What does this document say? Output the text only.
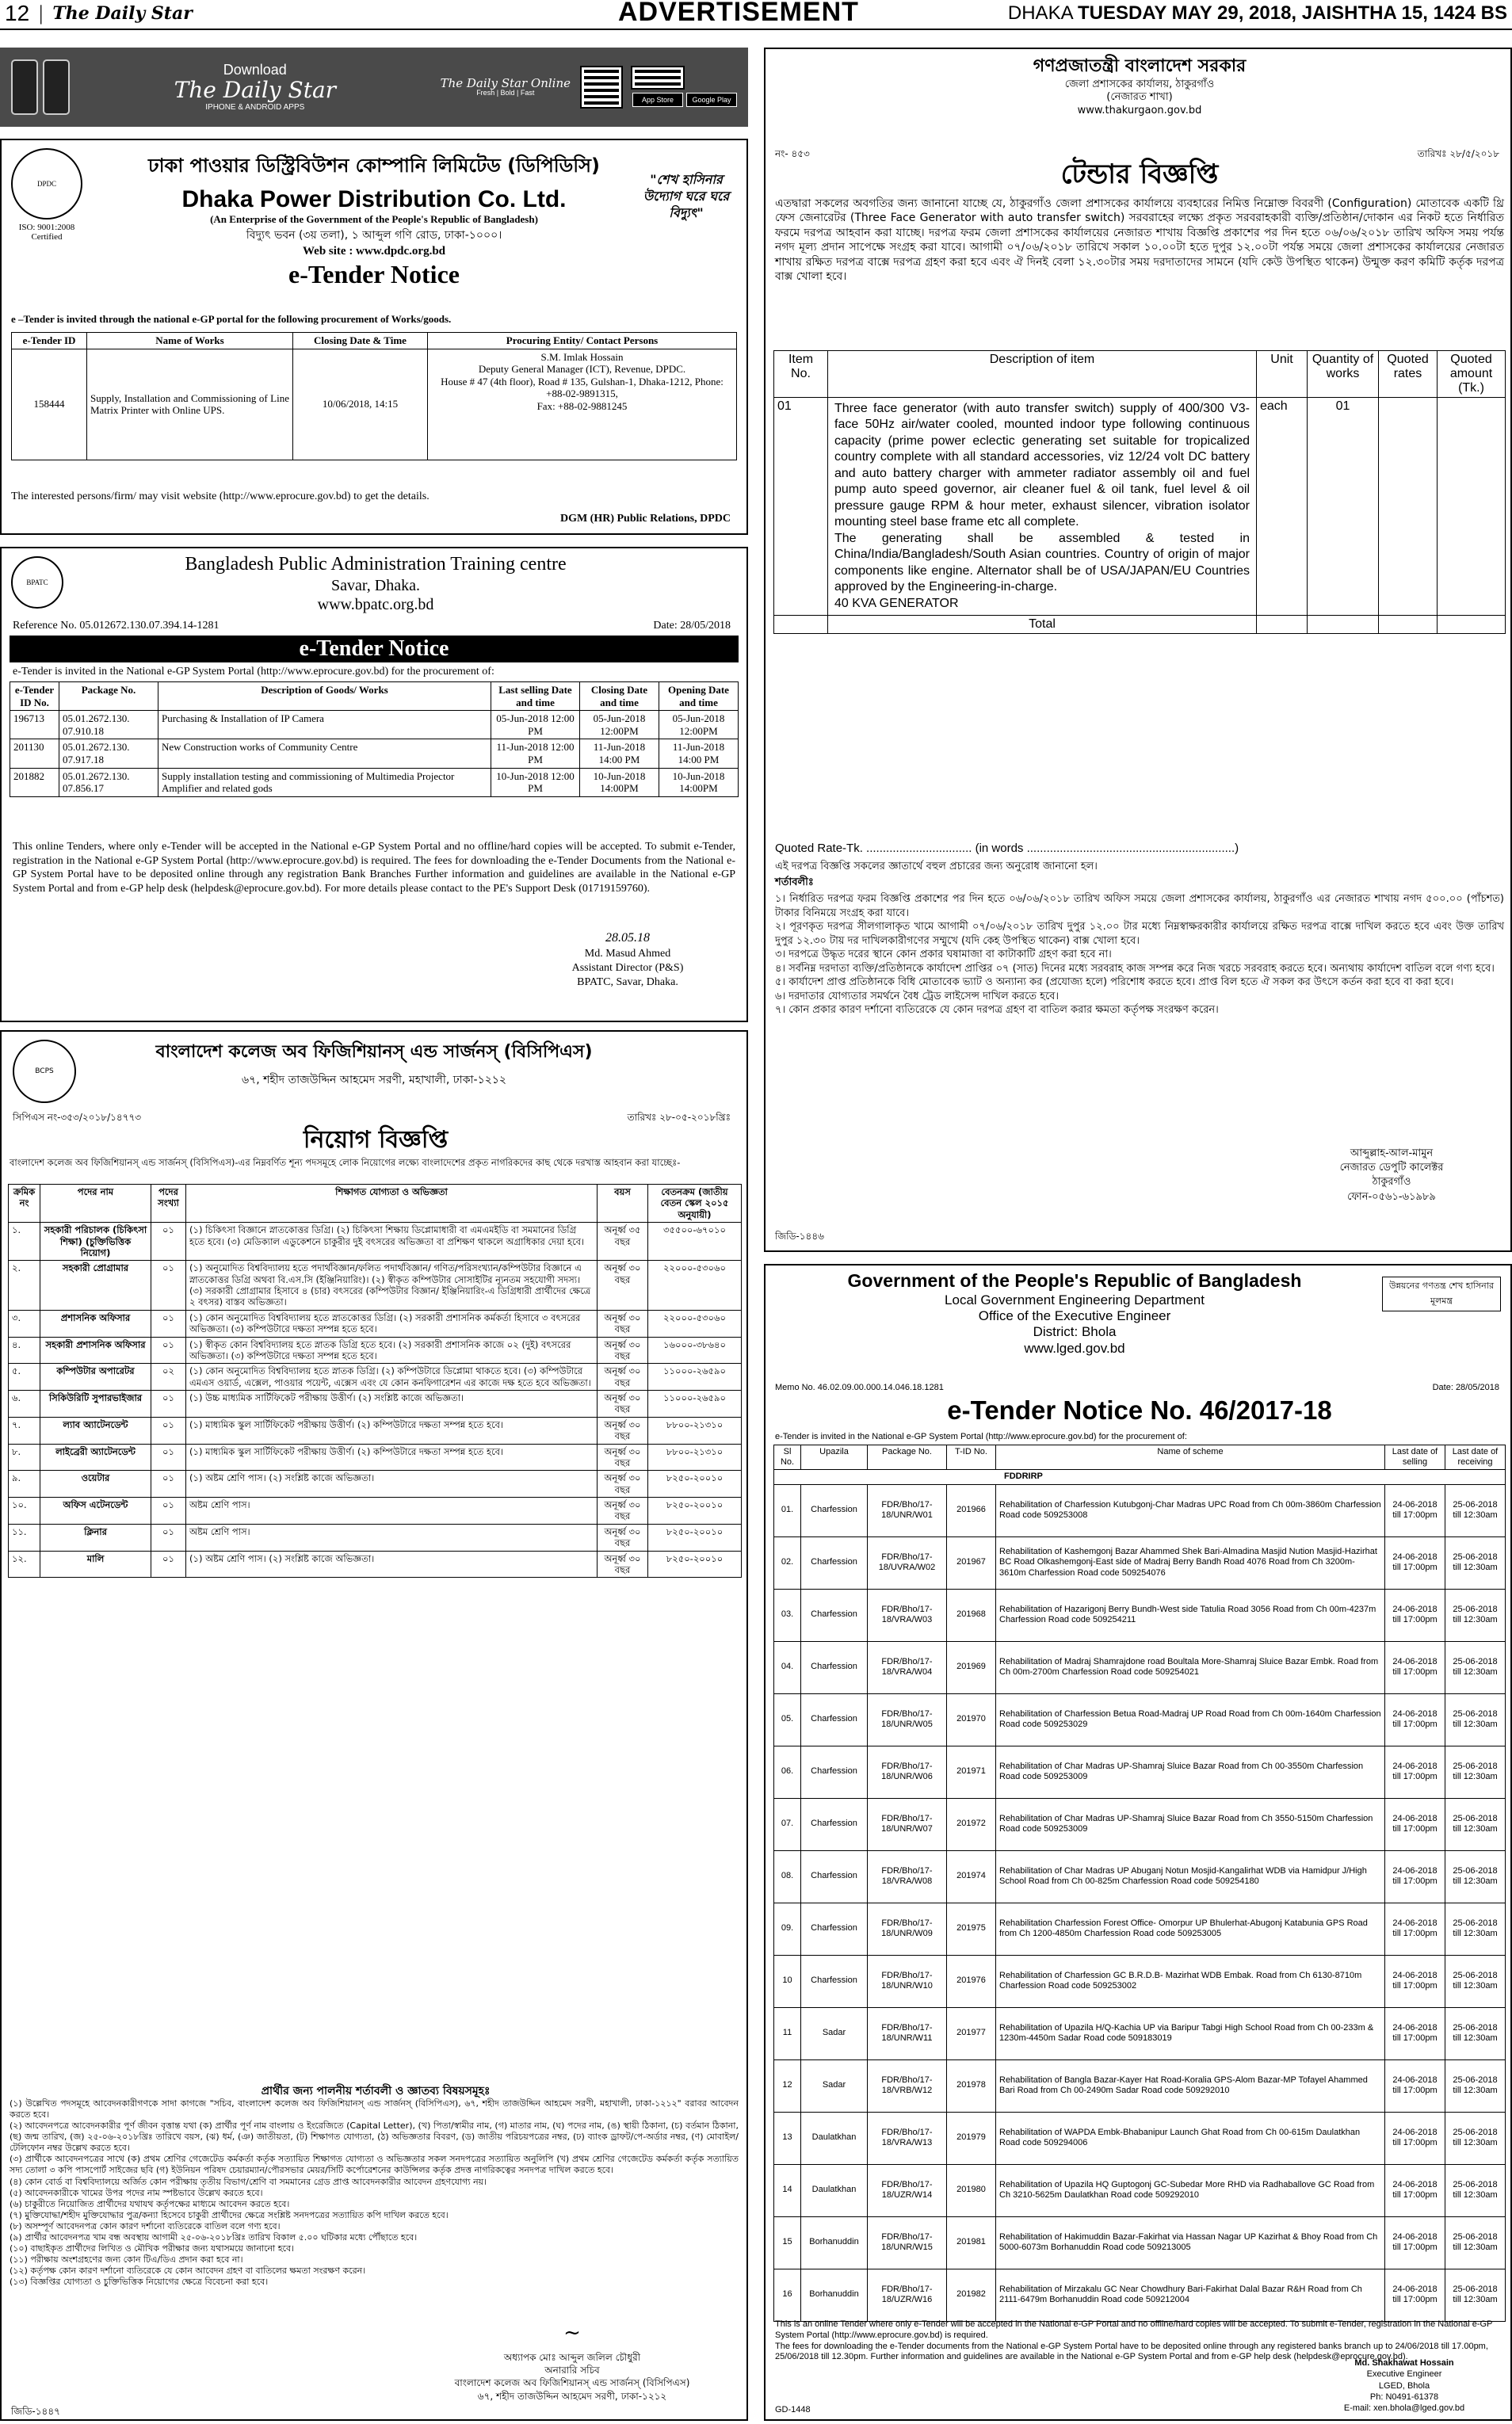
12 | The Daily Star	ADVERTISEMENT	DHAKA TUESDAY MAY 29, 2018, JAISHTHA 15, 1424 BS
Download
The Daily Star
IPHONE & ANDROID APPS
The Daily Star Online
Fresh | Bold | Fast
App Store	Google Play
DPDC
ISO: 9001:2008 Certified
ঢাকা পাওয়ার ডিস্ট্রিবিউশন কোম্পানি লিমিটেড (ডিপিডিসি)
Dhaka Power Distribution Co. Ltd.
(An Enterprise of the Government of the People's Republic of Bangladesh)
বিদ্যুৎ ভবন (৩য় তলা), ১ আব্দুল গণি রোড, ঢাকা-১০০০।
Web site : www.dpdc.org.bd
e-Tender Notice
"শেখ হাসিনার উদ্যোগ ঘরে ঘরে বিদ্যুৎ"
e –Tender is invited through the national e-GP portal for the following procurement of Works/goods.
e-Tender ID	Name of Works	Closing Date & Time	Procuring Entity/ Contact Persons
158444	Supply, Installation and Commissioning of Line Matrix Printer with Online UPS.	10/06/2018, 14:15	S.M. Imlak Hossain
Deputy General Manager (ICT), Revenue, DPDC.
House # 47 (4th floor), Road # 135, Gulshan-1, Dhaka-1212, Phone: +88-02-9891315,
Fax: +88-02-9881245
The interested persons/firm/ may visit website (http://www.eprocure.gov.bd) to get the details.
DGM (HR) Public Relations, DPDC
BPATC
Bangladesh Public Administration Training centre
Savar, Dhaka.
www.bpatc.org.bd
Reference No. 05.012672.130.07.394.14-1281	Date: 28/05/2018
e-Tender Notice
e-Tender is invited in the National e-GP System Portal (http://www.eprocure.gov.bd) for the procurement of:
e-Tender ID No.	Package No.	Description of Goods/ Works	Last selling Date and time	Closing Date and time	Opening Date and time
196713	05.01.2672.130. 07.910.18	Purchasing & Installation of IP Camera	05-Jun-2018 12:00 PM	05-Jun-2018 12:00PM	05-Jun-2018 12:00PM
201130	05.01.2672.130. 07.917.18	New Construction works of Community Centre	11-Jun-2018 12:00 PM	11-Jun-2018 14:00 PM	11-Jun-2018 14:00 PM
201882	05.01.2672.130. 07.856.17	Supply installation testing and commissioning of Multimedia Projector Amplifier and related gods	10-Jun-2018 12:00 PM	10-Jun-2018 14:00PM	10-Jun-2018 14:00PM

This online Tenders, where only e-Tender will be accepted in the National e-GP System Portal and no offline/hard copies will be accepted. To submit e-Tender, registration in the National e-GP System Portal (http://www.eprocure.gov.bd) is required. The fees for downloading the e-Tender Documents from the National e-GP System Portal have to be deposited online through any registration Bank Branches Further information and guidelines are available in the National e-GP System Portal and from e-GP help desk (helpdesk@eprocure.gov.bd). For more details please contact to the PE's Support Desk (01719159760).

28.05.18
Md. Masud Ahmed
Assistant Director (P&S)
BPATC, Savar, Dhaka.
BCPS
বাংলাদেশ কলেজ অব ফিজিশিয়ানস্ এন্ড সার্জনস্ (বিসিপিএস)
৬৭, শহীদ তাজউদ্দিন আহমেদ সরণী, মহাখালী, ঢাকা-১২১২
সিপিএস নং-৩৫৩/২০১৮/১৪৭৭৩	তারিখঃ ২৮-০৫-২০১৮খ্রিঃ
নিয়োগ বিজ্ঞপ্তি

বাংলাদেশ কলেজ অব ফিজিশিয়ানস্ এন্ড সার্জনস্ (বিসিপিএস)-এর নিম্নবর্ণিত শূন্য পদসমূহে লোক নিয়োগের লক্ষ্যে বাংলাদেশের প্রকৃত নাগরিকদের কাছ থেকে দরখাস্ত আহবান করা যাচ্ছেঃ-

ক্রমিক নং	পদের নাম	পদের সংখ্যা	শিক্ষাগত যোগ্যতা ও অভিজ্ঞতা	বয়স	বেতনক্রম (জাতীয় বেতন স্কেল ২০১৫ অনুযায়ী)
১.	সহকারী পরিচালক (চিকিৎসা শিক্ষা) (চুক্তিভিত্তিক নিয়োগ)	০১	(১) চিকিৎসা বিজ্ঞানে স্নাতকোত্তর ডিগ্রি। (২) চিকিৎসা শিক্ষায় ডিপ্লোমাধারী বা এমএমইডি বা সমমানের ডিগ্রি হতে হবে। (৩) মেডিক্যাল এডুকেশনে চাকুরীর দুই বৎসরের অভিজ্ঞতা বা প্রশিক্ষণ থাকলে অগ্রাধিকার দেয়া হবে।	অনূর্ধ্ব ৩৫ বছর	৩৫৫০০-৬৭০১০
২.	সহকারী প্রোগ্রামার	০১	(১) অনুমোদিত বিশ্ববিদ্যালয় হতে পদার্থবিজ্ঞান/ফলিত পদার্থবিজ্ঞান/ গণিত/পরিসংখ্যান/কম্পিউটার বিজ্ঞানে এ স্নাতকোত্তর ডিগ্রি অথবা বি.এস.সি (ইঞ্জিনিয়ারিং)। (২) স্বীকৃত কম্পিউটার সোসাইটির ন্যূনতম সহযোগী সদস্য। (৩) সরকারী প্রোগ্রামার হিসাবে ৪ (চার) বৎসরের (কম্পিউটার বিজ্ঞান/ ইঞ্জিনিয়ারিং-এ ডিগ্রিধারী প্রার্থীদের ক্ষেত্রে ২ বৎসর) বাস্তব অভিজ্ঞতা।	অনূর্ধ্ব ৩০ বছর	২২০০০-৫৩০৬০
৩.	প্রশাসনিক অফিসার	০১	(১) কোন অনুমোদিত বিশ্ববিদ্যালয় হতে স্নাতকোত্তর ডিগ্রি। (২) সরকারী প্রশাসনিক কর্মকর্তা হিসাবে ৩ বৎসরের অভিজ্ঞতা। (৩) কম্পিউটারে দক্ষতা সম্পন্ন হতে হবে।	অনূর্ধ্ব ৩০ বছর	২২০০০-৫৩০৬০
৪.	সহকারী প্রশাসনিক অফিসার	০১	(১) স্বীকৃত কোন বিশ্ববিদ্যালয় হতে স্নাতক ডিগ্রি হতে হবে। (২) সরকারী প্রশাসনিক কাজে ০২ (দুই) বৎসরের অভিজ্ঞতা। (৩) কম্পিউটারে দক্ষতা সম্পন্ন হতে হবে।	অনূর্ধ্ব ৩০ বছর	১৬০০০-৩৮৬৪০
৫.	কম্পিউটার অপারেটর	০২	(১) কোন অনুমোদিত বিশ্ববিদ্যালয় হতে স্নাতক ডিগ্রি। (২) কম্পিউটারে ডিপ্লোমা থাকতে হবে। (৩) কম্পিউটারে এমএস ওয়ার্ড, এক্সেল, পাওয়ার পয়েন্ট, এক্সেস এবং যে কোন কনফিগারেশন এর কাজে দক্ষ হতে হবে অভিজ্ঞতা।	অনূর্ধ্ব ৩০ বছর	১১০০০-২৬৫৯০
৬.	সিকিউরিটি সুপারভাইজার	০১	(১) উচ্চ মাধ্যমিক সার্টিফিকেট পরীক্ষায় উত্তীর্ণ। (২) সংশ্লিষ্ট কাজে অভিজ্ঞতা।	অনূর্ধ্ব ৩০ বছর	১১০০০-২৬৫৯০
৭.	ল্যাব অ্যাটেনডেন্ট	০১	(১) মাধ্যমিক স্কুল সার্টিফিকেট পরীক্ষায় উত্তীর্ণ। (২) কম্পিউটারে দক্ষতা সম্পন্ন হতে হবে।	অনূর্ধ্ব ৩০ বছর	৮৮০০-২১৩১০
৮.	লাইব্রেরী অ্যাটেনডেন্ট	০১	(১) মাধ্যমিক স্কুল সার্টিফিকেট পরীক্ষায় উত্তীর্ণ। (২) কম্পিউটারে দক্ষতা সম্পন্ন হতে হবে।	অনূর্ধ্ব ৩০ বছর	৮৮০০-২১৩১০
৯.	ওয়েটার	০১	(১) অষ্টম শ্রেণি পাস। (২) সংশ্লিষ্ট কাজে অভিজ্ঞতা।	অনূর্ধ্ব ৩০ বছর	৮২৫০-২০০১০
১০.	অফিস এটেনডেন্ট	০১	অষ্টম শ্রেণি পাস।	অনূর্ধ্ব ৩০ বছর	৮২৫০-২০০১০
১১.	ক্লিনার	০১	অষ্টম শ্রেণি পাস।	অনূর্ধ্ব ৩০ বছর	৮২৫০-২০০১০
১২.	মালি	০১	(১) অষ্টম শ্রেণি পাস। (২) সংশ্লিষ্ট কাজে অভিজ্ঞতা।	অনূর্ধ্ব ৩০ বছর	৮২৫০-২০০১০
প্রার্থীর জন্য পালনীয় শর্তাবলী ও জ্ঞাতব্য বিষয়সমূহঃ
(১) উল্লেখিত পদসমূহে আবেদনকারীগণকে সাদা কাগজে "সচিব, বাংলাদেশ কলেজ অব ফিজিশিয়ানস্ এন্ড সার্জনস্ (বিসিপিএস), ৬৭, শহীদ তাজউদ্দিন আহমেদ সরণী, মহাখালী, ঢাকা-১২১২" বরাবর আবেদন করতে হবে।
(২) আবেদনপত্রে আবেদনকারীর পূর্ণ জীবন বৃত্তান্ত যথা (ক) প্রার্থীর পূর্ণ নাম বাংলায় ও ইংরেজিতে (Capital Letter), (খ) পিতা/স্বামীর নাম, (গ) মাতার নাম, (ঘ) পদের নাম, (ঙ) স্থায়ী ঠিকানা, (চ) বর্তমান ঠিকানা, (ছ) জন্ম তারিখ, (জ) ২৫-০৬-২০১৮খ্রিঃ তারিখে বয়স, (ঝ) ধর্ম, (ঞ) জাতীয়তা, (ট) শিক্ষাগত যোগ্যতা, (ঠ) অভিজ্ঞতার বিবরণ, (ড) জাতীয় পরিচয়পত্রের নম্বর, (ঢ) ব্যাংক ড্রাফট/পে-অর্ডার নম্বর, (ণ) মোবাইল/টেলিফোন নম্বর উল্লেখ করতে হবে।
(৩) প্রার্থীকে আবেদনপত্রের সাথে (ক) প্রথম শ্রেণির গেজেটেড কর্মকর্তা কর্তৃক সত্যায়িত শিক্ষাগত যোগ্যতা ও অভিজ্ঞতার সকল সনদপত্রের সত্যায়িত অনুলিপি (খ) প্রথম শ্রেণির গেজেটেড কর্মকর্তা কর্তৃক সত্যায়িত সদ্য তোলা ৩ কপি পাসপোর্ট সাইজের ছবি (গ) ইউনিয়ন পরিষদ চেয়ারম্যান/পৌরসভার মেয়র/সিটি কর্পোরেশনের কাউন্সিলর কর্তৃক প্রদত্ত নাগরিকত্বের সনদপত্র দাখিল করতে হবে।
(৪) কোন বোর্ড বা বিশ্ববিদ্যালয়ে অর্জিত কোন পরীক্ষায় তৃতীয় বিভাগ/শ্রেণি বা সমমানের গ্রেড প্রাপ্ত আবেদনকারীর আবেদন গ্রহণযোগ্য নয়।
(৫) আবেদনকারীকে খামের উপর পদের নাম স্পষ্টভাবে উল্লেখ করতে হবে।
(৬) চাকুরীতে নিয়োজিত প্রার্থীদের যথাযথ কর্তৃপক্ষের মাধ্যমে আবেদন করতে হবে।
(৭) মুক্তিযোদ্ধা/শহীদ মুক্তিযোদ্ধার পুত্র/কন্যা হিসেবে চাকুরী প্রার্থীদের ক্ষেত্রে সংশ্লিষ্ট সনদপত্রের সত্যায়িত কপি দাখিল করতে হবে।
(৮) অসম্পূর্ণ আবেদনপত্র কোন কারণ দর্শানো ব্যতিরেকে বাতিল বলে গণ্য হবে।
(৯) প্রার্থীর আবেদনপত্র খাম বন্ধ অবস্থায় আগামী ২৫-০৬-২০১৮খ্রিঃ তারিখ বিকাল ৫.০০ ঘটিকার মধ্যে পৌঁছাতে হবে।
(১০) বাছাইকৃত প্রার্থীদের লিখিত ও মৌখিক পরীক্ষার জন্য যথাসময়ে জানানো হবে।
(১১) পরীক্ষায় অংশগ্রহণের জন্য কোন টিএ/ডিএ প্রদান করা হবে না।
(১২) কর্তৃপক্ষ কোন কারণ দর্শানো ব্যতিরেকে যে কোন আবেদন গ্রহণ বা বাতিলের ক্ষমতা সংরক্ষণ করেন।
(১৩) বিজ্ঞপ্তির যোগ্যতা ও চুক্তিভিত্তিক নিয়োগের ক্ষেত্রে বিবেচনা করা হবে।
~
অধ্যাপক মোঃ আব্দুল জলিল চৌধুরী
অনারারি সচিব
বাংলাদেশ কলেজ অব ফিজিশিয়ানস্ এন্ড সার্জনস্ (বিসিপিএস)
৬৭, শহীদ তাজউদ্দিন আহমেদ সরণী, ঢাকা-১২১২
জিডি-১৪৪৭
গণপ্রজাতন্ত্রী বাংলাদেশ সরকার
জেলা প্রশাসকের কার্যালয়, ঠাকুরগাঁও
(নেজারত শাখা)
www.thakurgaon.gov.bd
নং- ৪৫৩	তারিখঃ ২৮/৫/২০১৮
টেন্ডার বিজ্ঞপ্তি

এতদ্বারা সকলের অবগতির জন্য জানানো যাচ্ছে যে, ঠাকুরগাঁও জেলা প্রশাসকের কার্যালয়ে ব্যবহারের নিমিত্ত নিম্নোক্ত বিবরণী (Configuration) মোতাবেক একটি থ্রি ফেস জেনারেটর (Three Face Generator with auto transfer switch) সরবরাহের লক্ষ্যে প্রকৃত সরবরাহকারী ব্যক্তি/প্রতিষ্ঠান/দোকান এর নিকট হতে নির্ধারিত ফরমে দরপত্র আহবান করা যাচ্ছে। দরপত্র ফরম জেলা প্রশাসকের কার্যালয়ের নেজারত শাখায় বিজ্ঞপ্তি প্রকাশের পর দিন হতে ০৬/০৬/২০১৮ তারিখ অফিস সময় পর্যন্ত নগদ মূল্য প্রদান সাপেক্ষে সংগ্রহ করা যাবে। আগামী ০৭/০৬/২০১৮ তারিখে সকাল ১০.০০টা হতে দুপুর ১২.০০টা পর্যন্ত সময়ে জেলা প্রশাসকের কার্যালয়ের নেজারত শাখায় রক্ষিত দরপত্র বাক্সে দরপত্র গ্রহণ করা হবে এবং ঐ দিনই বেলা ১২.৩০টার সময় দরদাতাদের সামনে (যদি কেউ উপস্থিত থাকেন) উন্মুক্ত করণ কমিটি কর্তৃক দরপত্র বাক্স খোলা হবে।

Item No.	Description of item	Unit	Quantity of works	Quoted rates	Quoted amount (Tk.)
01	Three face generator (with auto transfer switch) supply of 400/300 V3-face 50Hz air/water cooled, mounted indoor type following continuous capacity (prime power eclectic generating set suitable for tropicalized country complete with all standard accessories, viz 12/24 volt DC battery and auto battery charger with ammeter radiator assembly oil and fuel pump auto speed governor, air cleaner fuel & oil tank, fuel level & oil pressure gauge RPM & hour meter, exhaust silencer, vibration isolator mounting steel base frame etc all complete.
The generating shall be assembled & tested in China/India/Bangladesh/South Asian countries. Country of origin of major components like engine. Alternator shall be of USA/JAPAN/EU Countries approved by the Engineering-in-charge.
40 KVA GENERATOR	each	01		
	Total				
Quoted Rate-Tk. ................................ (in words ...............................................................)
এই দরপত্র বিজ্ঞপ্তি সকলের জ্ঞাতার্থে বহুল প্রচারের জন্য অনুরোধ জানানো হল।
শর্তাবলীঃ
১। নির্ধারিত দরপত্র ফরম বিজ্ঞপ্তি প্রকাশের পর দিন হতে ০৬/০৬/২০১৮ তারিখ অফিস সময়ে জেলা প্রশাসকের কার্যালয়, ঠাকুরগাঁও এর নেজারত শাখায় নগদ ৫০০.০০ (পাঁচশত) টাকার বিনিময়ে সংগ্রহ করা যাবে।
২। পূরণকৃত দরপত্র সীলগালাকৃত খামে আগামী ০৭/০৬/২০১৮ তারিখ দুপুর ১২.০০ টার মধ্যে নিম্নস্বাক্ষরকারীর কার্যালয়ে রক্ষিত দরপত্র বাক্সে দাখিল করতে হবে এবং উক্ত তারিখ দুপুর ১২.৩০ টায় দর দাখিলকারীগণের সম্মুখে (যদি কেহ উপস্থিত থাকেন) বাক্স খোলা হবে।
৩। দরপত্রে উদ্ধৃত দরের স্থানে কোন প্রকার ঘষামাজা বা কাটাকাটি গ্রহণ করা হবে না।
৪। সর্বনিম্ন দরদাতা ব্যক্তি/প্রতিষ্ঠানকে কার্যাদেশ প্রাপ্তির ০৭ (সাত) দিনের মধ্যে সরবরাহ কাজ সম্পন্ন করে নিজ খরচে সরবরাহ করতে হবে। অন্যথায় কার্যাদেশ বাতিল বলে গণ্য হবে।
৫। কার্যাদেশ প্রাপ্ত প্রতিষ্ঠানকে বিধি মোতাবেক ভ্যাট ও অন্যান্য কর (প্রযোজ্য হলে) পরিশোধ করতে হবে। প্রাপ্ত বিল হতে ঐ সকল কর উৎসে কর্তন করা হবে বা করা হবে।
৬। দরদাতার যোগ্যতার সমর্থনে বৈধ ট্রেড লাইসেন্স দাখিল করতে হবে।
৭। কোন প্রকার কারণ দর্শানো ব্যতিরেকে যে কোন দরপত্র গ্রহণ বা বাতিল করার ক্ষমতা কর্তৃপক্ষ সংরক্ষণ করেন।
আব্দুল্লাহ-আল-মামুন
নেজারত ডেপুটি কালেক্টর
ঠাকুরগাঁও
ফোন-০৫৬১-৬১৯৮৯
জিডি-১৪৪৬
Government of the People's Republic of Bangladesh
Local Government Engineering Department
Office of the Executive Engineer
District: Bhola
www.lged.gov.bd
উন্নয়নের গণতন্ত্র শেখ হাসিনার মূলমন্ত্র
Memo No. 46.02.09.00.000.14.046.18.1281	Date: 28/05/2018
e-Tender Notice No. 46/2017-18
e-Tender is invited in the National e-GP System Portal (http://www.eprocure.gov.bd) for the procurement of:
Sl No.	Upazila	Package No.	T-ID No.	Name of scheme	Last date of selling	Last date of receiving
FDDRIRP						
01.	Charfession	FDR/Bho/17-18/UNR/W01	201966	Rehabilitation of Charfession Kutubgonj-Char Madras UPC Road from Ch 00m-3860m Charfession Road code 509253008	24-06-2018 till 17:00pm	25-06-2018 till 12:30am
02.	Charfession	FDR/Bho/17-18/UVRA/W02	201967	Rehabilitation of Kashemgonj Bazar Ahammed Shek Bari-Almadina Masjid Nution Masjid-Hazirhat BC Road Olkashemgonj-East side of Madraj Berry Bandh Road 4076 Road from Ch 3200m-3610m Charfession Road code 509254076	24-06-2018 till 17:00pm	25-06-2018 till 12:30am
03.	Charfession	FDR/Bho/17-18/VRA/W03	201968	Rehabilitation of Hazarigonj Berry Bundh-West side Tatulia Road 3056 Road from Ch 00m-4237m Charfession Road code 509254211	24-06-2018 till 17:00pm	25-06-2018 till 12:30am
04.	Charfession	FDR/Bho/17-18/VRA/W04	201969	Rehabilitation of Madraj Shamrajdone road Boultala More-Shamraj Sluice Bazar Embk. Road from Ch 00m-2700m Charfession Road code 509254021	24-06-2018 till 17:00pm	25-06-2018 till 12:30am
05.	Charfession	FDR/Bho/17-18/UNR/W05	201970	Rehabilitation of Charfession Betua Road-Madraj UP Road Road from Ch 00m-1640m Charfession Road code 509253029	24-06-2018 till 17:00pm	25-06-2018 till 12:30am
06.	Charfession	FDR/Bho/17-18/UNR/W06	201971	Rehabilitation of Char Madras UP-Shamraj Sluice Bazar Road from Ch 00-3550m Charfession Road code 509253009	24-06-2018 till 17:00pm	25-06-2018 till 12:30am
07.	Charfession	FDR/Bho/17-18/UNR/W07	201972	Rehabilitation of Char Madras UP-Shamraj Sluice Bazar Road from Ch 3550-5150m Charfession Road code 509253009	24-06-2018 till 17:00pm	25-06-2018 till 12:30am
08.	Charfession	FDR/Bho/17-18/VRA/W08	201974	Rehabilitation of Char Madras UP Abuganj Notun Mosjid-Kangalirhat WDB via Hamidpur J/High School Road from Ch 00-825m Charfession Road code 509254180	24-06-2018 till 17:00pm	25-06-2018 till 12:30am
09.	Charfession	FDR/Bho/17-18/UNR/W09	201975	Rehabilitation Charfession Forest Office- Omorpur UP Bhulerhat-Abugonj Katabunia GPS Road from Ch 1200-4850m Charfession Road code 509253005	24-06-2018 till 17:00pm	25-06-2018 till 12:30am
10	Charfession	FDR/Bho/17-18/UNR/W10	201976	Rehabilitation of Charfession GC B.R.D.B- Mazirhat WDB Embak. Road from Ch 6130-8710m Charfession Road code 509253002	24-06-2018 till 17:00pm	25-06-2018 till 12:30am
11	Sadar	FDR/Bho/17-18/UNR/W11	201977	Rehabilitation of Upazila H/Q-Kachia UP via Baripur Tabgi High School Road from Ch 00-233m & 1230m-4450m Sadar Road code 509183019	24-06-2018 till 17:00pm	25-06-2018 till 12:30am
12	Sadar	FDR/Bho/17-18/VRB/W12	201978	Rehabilitation of Bangla Bazar-Kayer Hat Road-Koralia GPS-Alom Bazar-MP Tofayel Ahammed Bari Road from Ch 00-2490m Sadar Road code 509292010	24-06-2018 till 17:00pm	25-06-2018 till 12:30am
13	Daulatkhan	FDR/Bho/17-18/VRA/W13	201979	Rehabilitation of WAPDA Embk-Bhabanipur Launch Ghat Road from Ch 00-615m Daulatkhan Road code 509294006	24-06-2018 till 17:00pm	25-06-2018 till 12:30am
14	Daulatkhan	FDR/Bho/17-18/UZR/W14	201980	Rehabilitation of Upazila HQ Guptogonj GC-Subedar More RHD via Radhaballove GC Road from Ch 3210-5625m Daulatkhan Road code 509292010	24-06-2018 till 17:00pm	25-06-2018 till 12:30am
15	Borhanuddin	FDR/Bho/17-18/UNR/W15	201981	Rehabilitation of Hakimuddin Bazar-Fakirhat via Hassan Nagar UP Kazirhat & Bhoy Road from Ch 5000-6073m Borhanuddin Road code 509213005	24-06-2018 till 17:00pm	25-06-2018 till 12:30am
16	Borhanuddin	FDR/Bho/17-18/UZR/W16	201982	Rehabilitation of Mirzakalu GC Near Chowdhury Bari-Fakirhat Dalal Bazar R&H Road from Ch 2111-6479m Borhanuddin Road code 509212004	24-06-2018 till 17:00pm	25-06-2018 till 12:30am

This is an online Tender where only e-Tender will be accepted in the National e-GP Portal and no offline/hard copies will be accepted. To submit e-Tender, registration in the National e-GP System Portal (http://www.eprocure.gov.bd) is required.
The fees for downloading the e-Tender documents from the National e-GP System Portal have to be deposited online through any registered banks branch up to 24/06/2018 till 17.00pm, 25/06/2018 till 12.30pm. Further information and guidelines are available in the National e-GP System Portal and from e-GP help desk (helpdesk@eprocure.gov.bd).

Md. Shakhawat Hossain
Executive Engineer
LGED, Bhola
Ph: N0491-61378
E-mail: xen.bhola@lged.gov.bd
GD-1448
